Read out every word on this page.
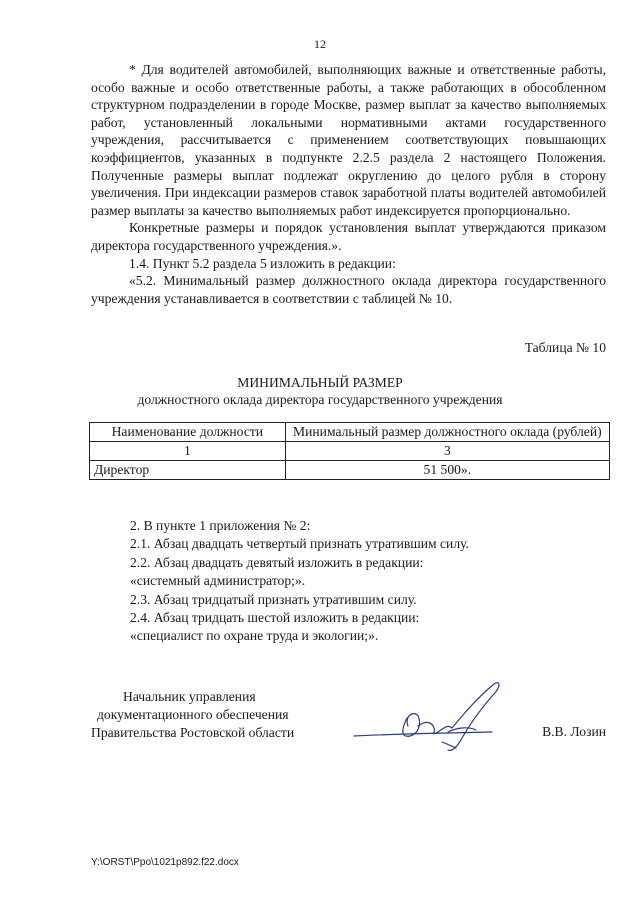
12

* Для водителей автомобилей, выполняющих важные и ответственные работы, особо важные и особо ответственные работы, а также работающих в обособленном структурном подразделении в городе Москве, размер выплат за качество выполняемых работ, установленный локальными нормативными актами государственного учреждения, рассчитывается с применением соответствующих повышающих коэффициентов, указанных в подпункте 2.2.5 раздела 2 настоящего Положения. Полученные размеры выплат подлежат округлению до целого рубля в сторону увеличения. При индексации размеров ставок заработной платы водителей автомобилей размер выплаты за качество выполняемых работ индексируется пропорционально.

Конкретные размеры и порядок установления выплат утверждаются приказом директора государственного учреждения.».

1.4. Пункт 5.2 раздела 5 изложить в редакции:

«5.2. Минимальный размер должностного оклада директора государственного учреждения устанавливается в соответствии с таблицей № 10.

Таблица № 10
МИНИМАЛЬНЫЙ РАЗМЕР
должностного оклада директора государственного учреждения
Наименование должности	Минимальный размер должностного оклада (рублей)
1	3
Директор	51 500».
2. В пункте 1 приложения № 2:
2.1. Абзац двадцать четвертый признать утратившим силу.
2.2. Абзац двадцать девятый изложить в редакции:
«системный администратор;».
2.3. Абзац тридцатый признать утратившим силу.
2.4. Абзац тридцать шестой изложить в редакции:
«специалист по охране труда и экологии;».
Начальник управления
документационного обеспечения
Правительства Ростовской области	В.В. Лозин
Y:\ORST\Ppo\1021p892.f22.docx
